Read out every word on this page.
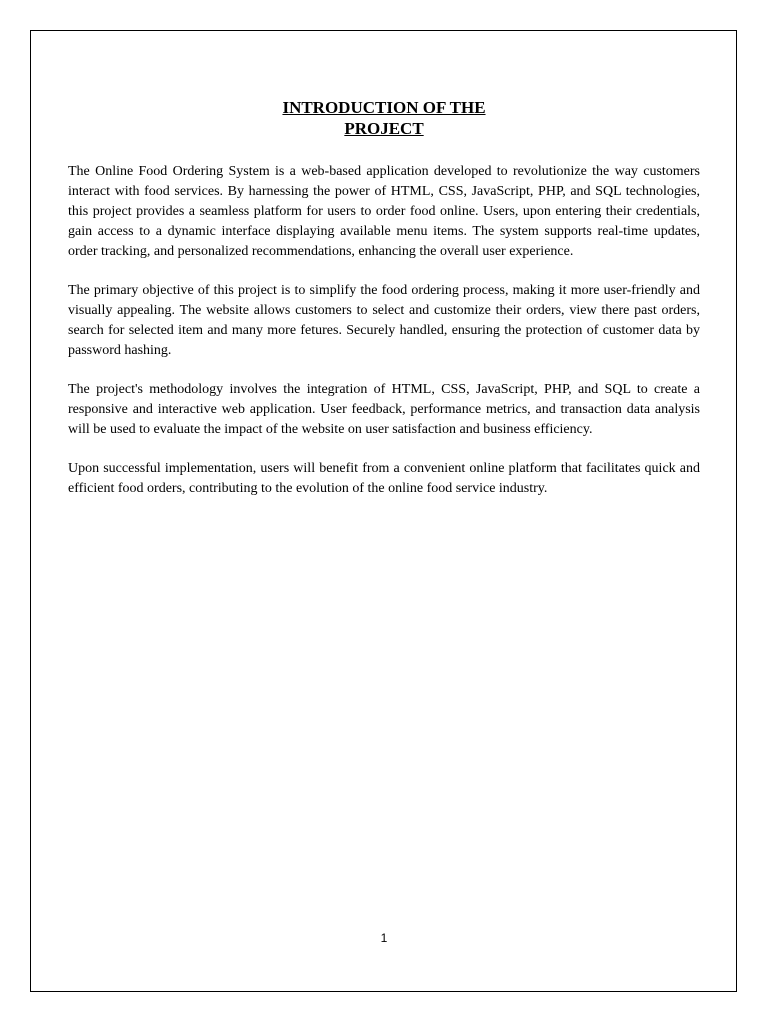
INTRODUCTION OF THE
PROJECT

The Online Food Ordering System is a web-based application developed to revolutionize the way customers interact with food services. By harnessing the power of HTML, CSS, JavaScript, PHP, and SQL technologies, this project provides a seamless platform for users to order food online. Users, upon entering their credentials, gain access to a dynamic interface displaying available menu items. The system supports real-time updates, order tracking, and personalized recommendations, enhancing the overall user experience.

The primary objective of this project is to simplify the food ordering process, making it more user-friendly and visually appealing. The website allows customers to select and customize their orders, view there past orders, search for selected item and many more fetures. Securely handled, ensuring the protection of customer data by password hashing.

The project's methodology involves the integration of HTML, CSS, JavaScript, PHP, and SQL to create a responsive and interactive web application. User feedback, performance metrics, and transaction data analysis will be used to evaluate the impact of the website on user satisfaction and business efficiency.

Upon successful implementation, users will benefit from a convenient online platform that facilitates quick and efficient food orders, contributing to the evolution of the online food service industry.

1
